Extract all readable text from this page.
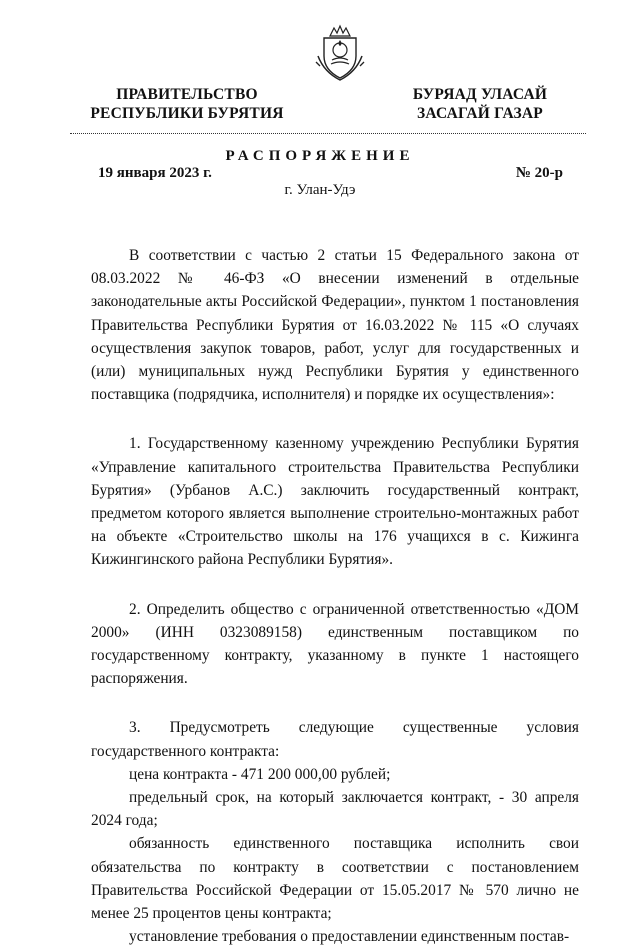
ПРАВИТЕЛЬСТВО
РЕСПУБЛИКИ БУРЯТИЯ
БУРЯАД УЛАСАЙ
ЗАСАГАЙ ГАЗАР
РАСПОРЯЖЕНИЕ
19 января 2023 г.	№ 20-р
г. Улан-Удэ

В соответствии с частью 2 статьи 15 Федерального закона от 08.03.2022 № 46-ФЗ «О внесении изменений в отдельные законодательные акты Российской Федерации», пунктом 1 постановления Правительства Республики Бурятия от 16.03.2022 № 115 «О случаях осуществления закупок товаров, работ, услуг для государственных и (или) муниципальных нужд Республики Бурятия у единственного поставщика (подрядчика, исполнителя) и порядке их осуществления»:

1. Государственному казенному учреждению Республики Бурятия «Управление капитального строительства Правительства Республики Бурятия» (Урбанов А.С.) заключить государственный контракт, предметом которого является выполнение строительно-монтажных работ на объекте «Строительство школы на 176 учащихся в с. Кижинга Кижингинского района Республики Бурятия».

2. Определить общество с ограниченной ответственностью «ДОМ 2000» (ИНН 0323089158) единственным поставщиком по государственному контракту, указанному в пункте 1 настоящего распоряжения.

3. Предусмотреть следующие существенные условия государственного контракта:

цена контракта - 471 200 000,00 рублей;

предельный срок, на который заключается контракт, - 30 апреля 2024 года;

обязанность единственного поставщика исполнить свои обязательства по контракту в соответствии с постановлением Правительства Российской Федерации от 15.05.2017 № 570 лично не менее 25 процентов цены контракта;

установление требования о предоставлении единственным постав-
